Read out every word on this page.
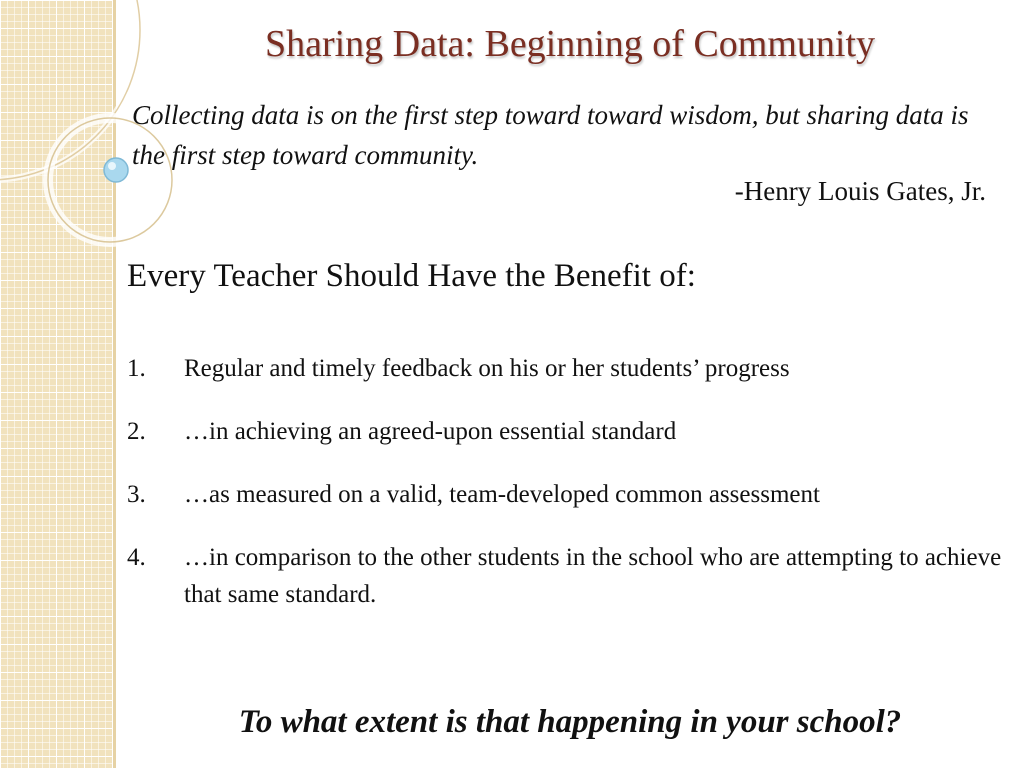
Sharing Data: Beginning of Community
Collecting data is on the first step toward toward wisdom, but sharing data is the first step toward community.
-Henry Louis Gates, Jr.
Every Teacher Should Have the Benefit of:
1.	Regular and timely feedback on his or her students’ progress
2.	…in achieving an agreed-upon essential standard
3.	…as measured on a valid, team-developed common assessment
4.	…in comparison to the other students in the school who are attempting to achieve that same standard.
To what extent is that happening in your school?
